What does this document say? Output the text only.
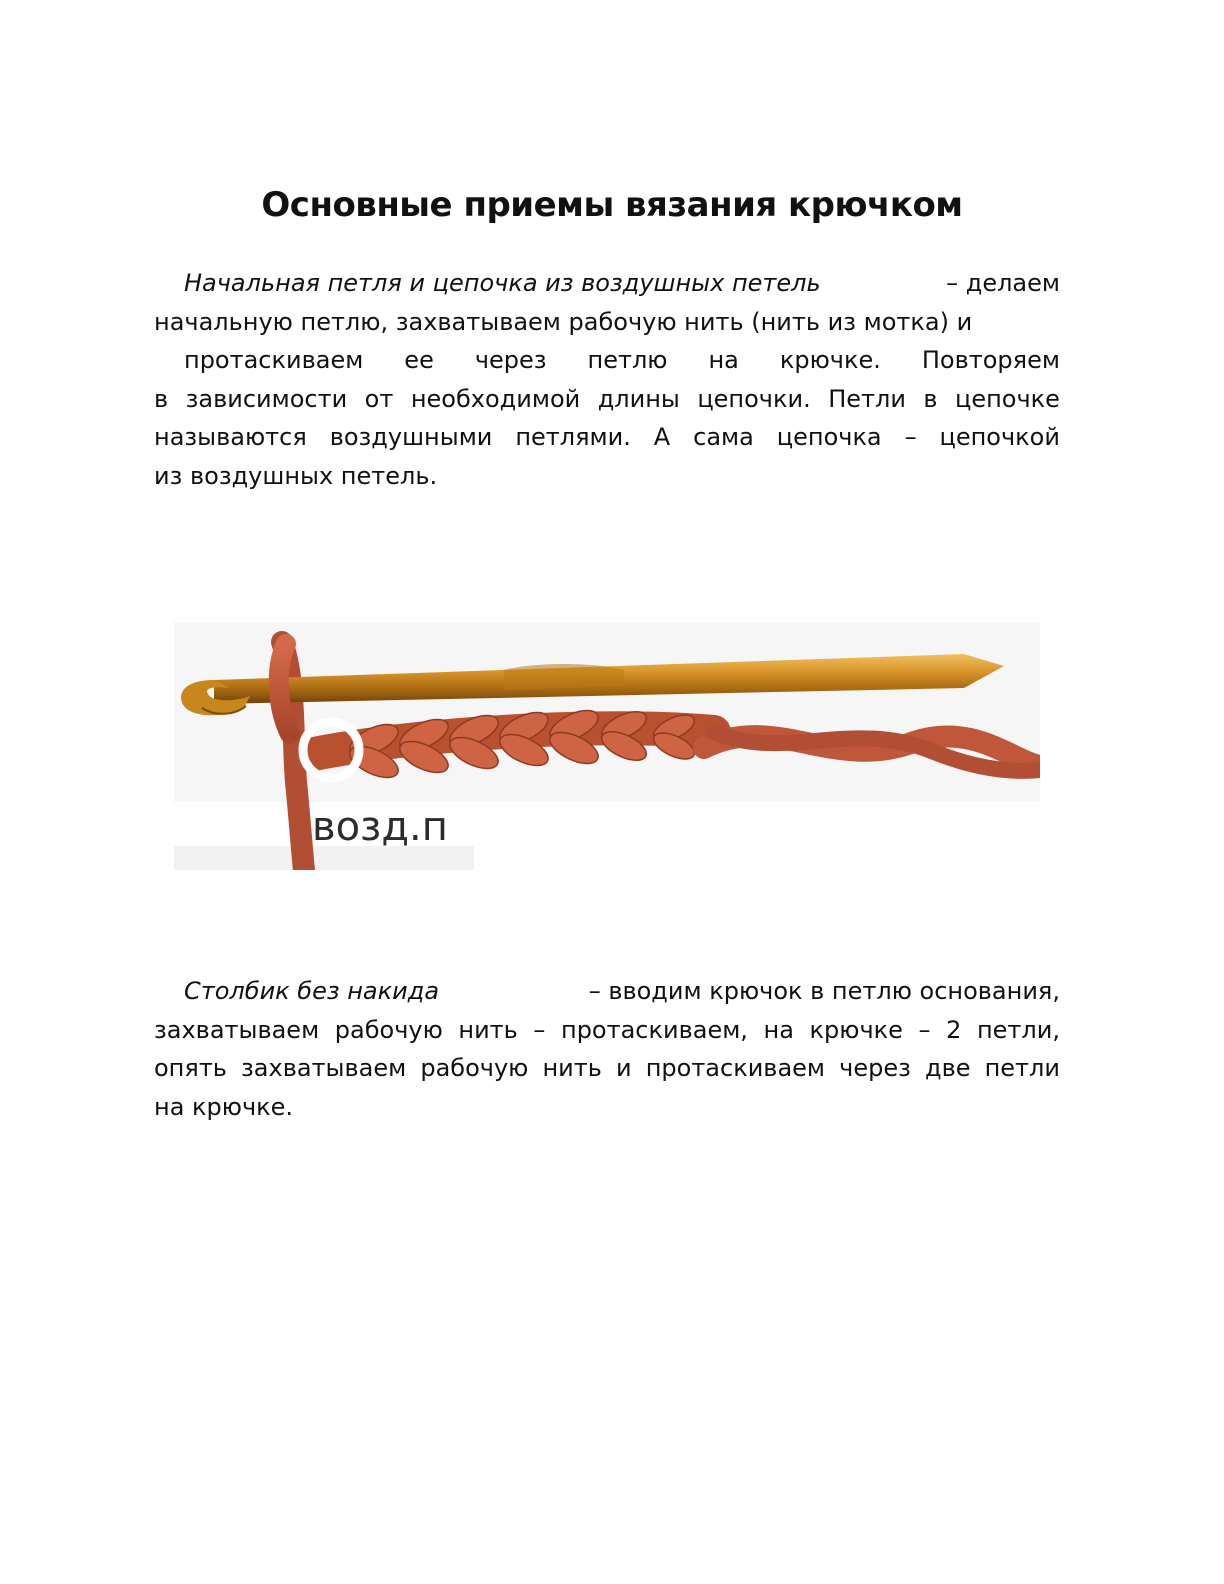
Основные приемы вязания крючком
Начальная петля и цепочка из воздушных петель	– делаем
начальную петлю, захватываем рабочую нить (нить из мотка) и
протаскиваем ее через петлю на крючке. Повторяем
в зависимости от необходимой длины цепочки. Петли в цепочке
называются воздушными петлями. А сама цепочка – цепочкой
из воздушных петель.
возд.п
Столбик без накида	– вводим крючок в петлю основания,
захватываем рабочую нить – протаскиваем, на крючке – 2 петли,
опять захватываем рабочую нить и протаскиваем через две петли
на крючке.
